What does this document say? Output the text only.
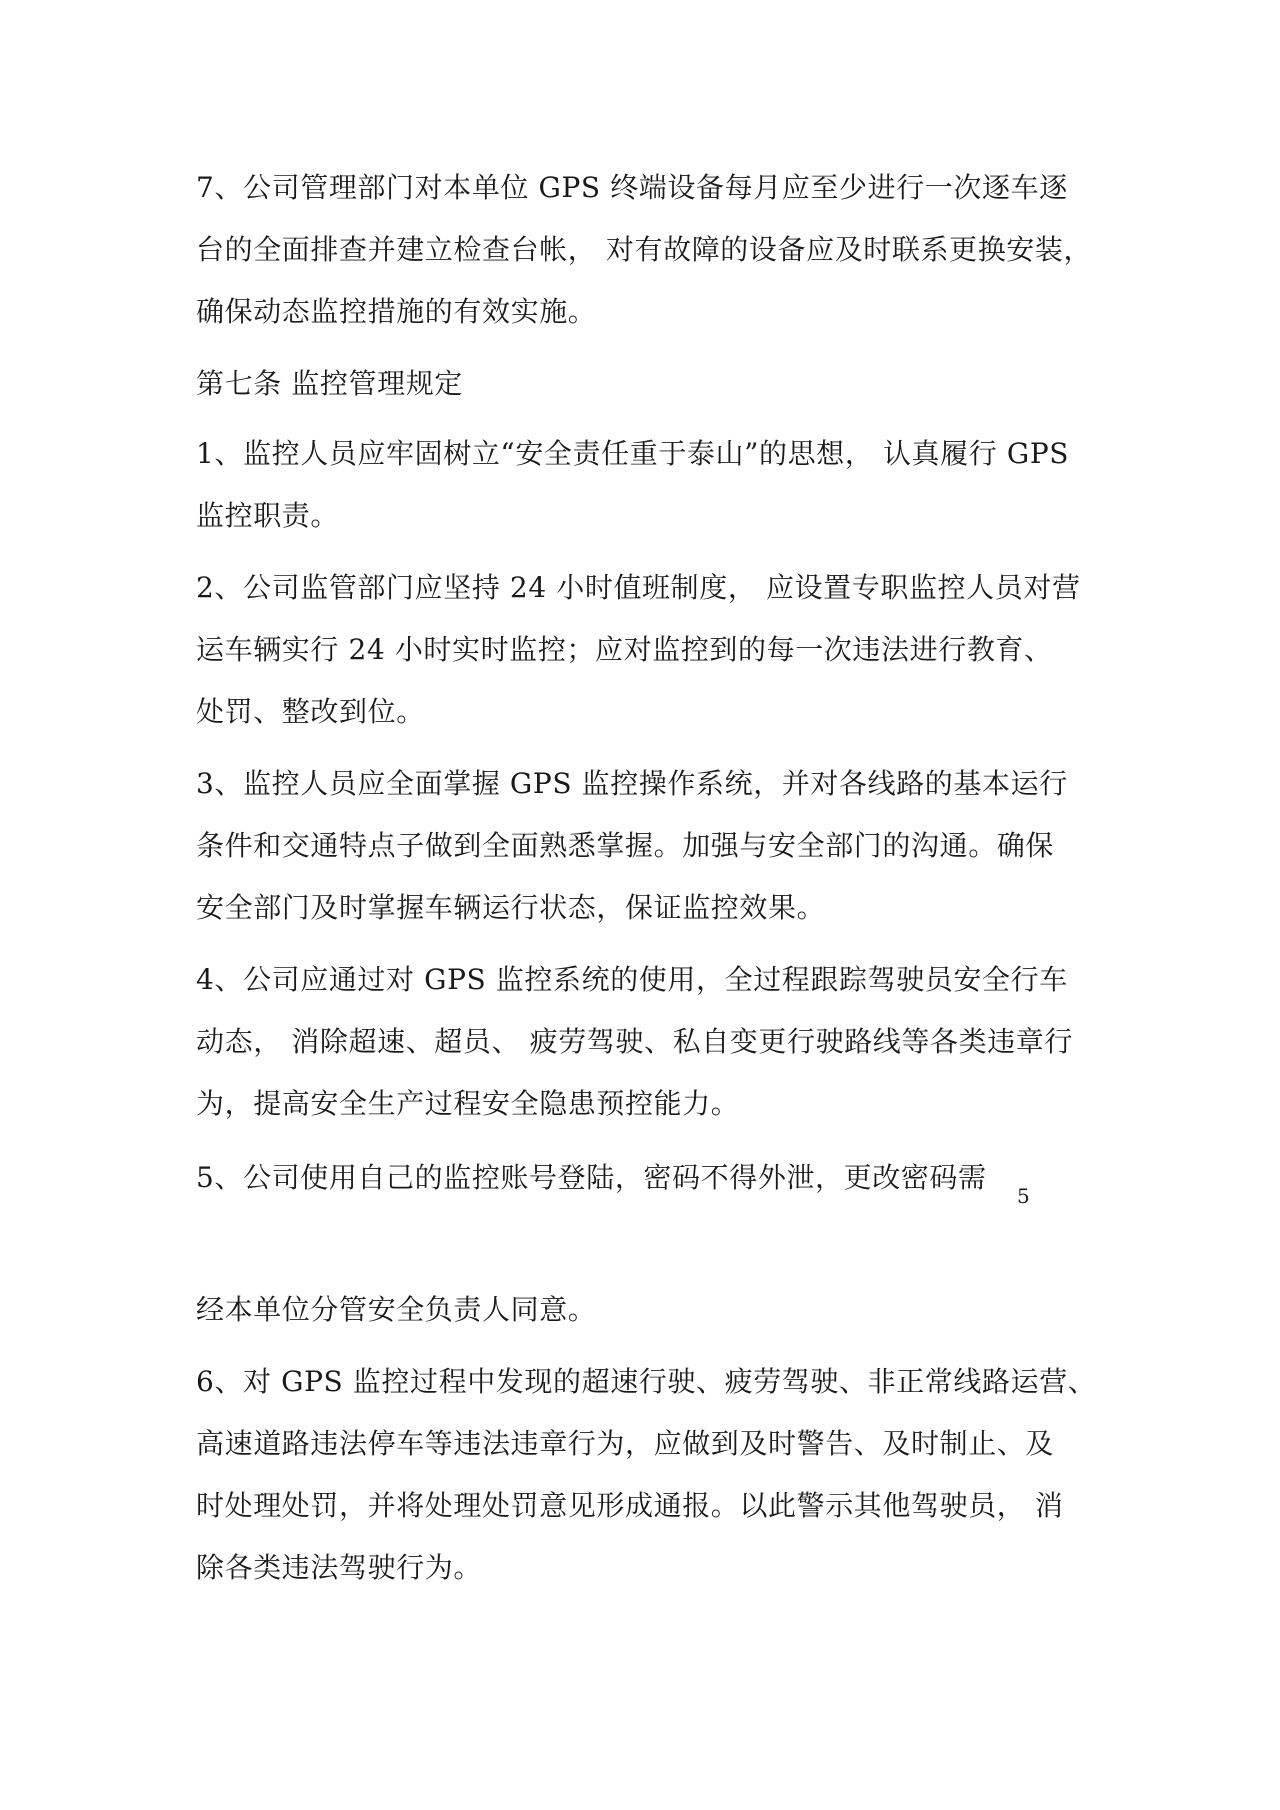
7、公司管理部门对本单位 GPS 终端设备每月应至少进行一次逐车逐
台的全面排查并建立检查台帐， 对有故障的设备应及时联系更换安装，
确保动态监控措施的有效实施。
第七条 监控管理规定
1、监控人员应牢固树立“安全责任重于泰山”的思想， 认真履行 GPS
监控职责。
2、公司监管部门应坚持 24 小时值班制度， 应设置专职监控人员对营
运车辆实行 24 小时实时监控；应对监控到的每一次违法进行教育、
处罚、整改到位。
3、监控人员应全面掌握 GPS 监控操作系统，并对各线路的基本运行
条件和交通特点子做到全面熟悉掌握。加强与安全部门的沟通。确保
安全部门及时掌握车辆运行状态，保证监控效果。
4、公司应通过对 GPS 监控系统的使用，全过程跟踪驾驶员安全行车
动态， 消除超速、超员、 疲劳驾驶、私自变更行驶路线等各类违章行
为，提高安全生产过程安全隐患预控能力。
5、公司使用自己的监控账号登陆，密码不得外泄，更改密码需
5
经本单位分管安全负责人同意。
6、对 GPS 监控过程中发现的超速行驶、疲劳驾驶、非正常线路运营、
高速道路违法停车等违法违章行为，应做到及时警告、及时制止、及
时处理处罚，并将处理处罚意见形成通报。以此警示其他驾驶员， 消
除各类违法驾驶行为。
